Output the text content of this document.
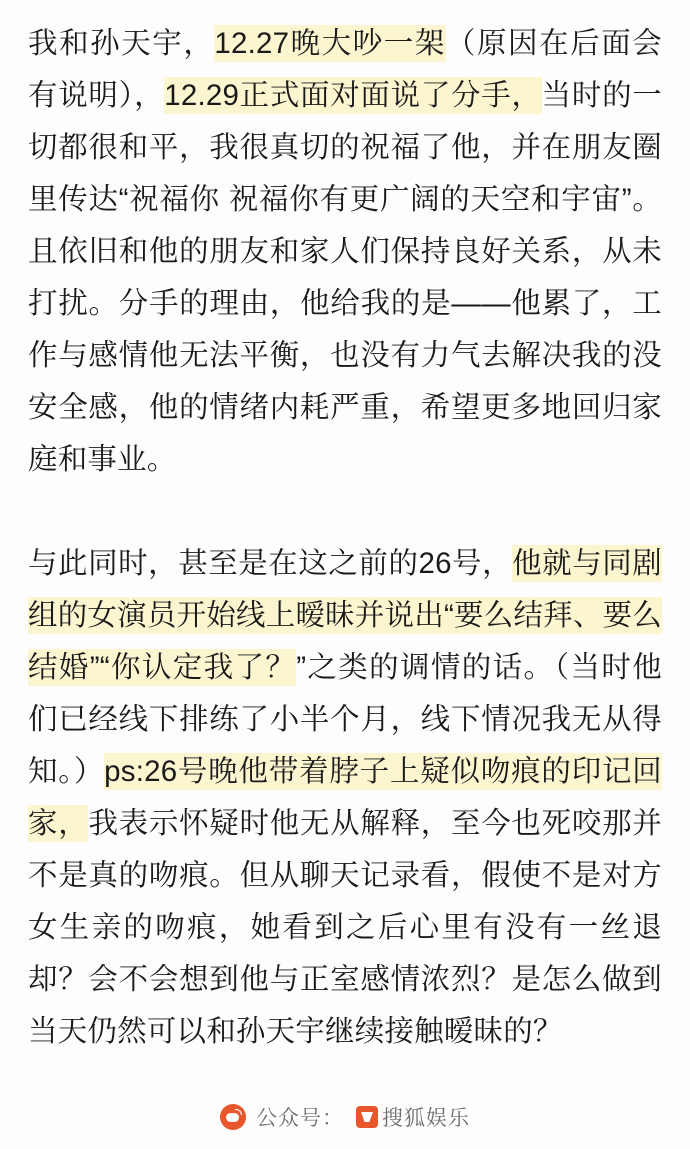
我和孙天宇，12.27晚大吵一架（原因在后面会有说明），12.29正式面对面说了分手，当时的一切都很和平，我很真切的祝福了他，并在朋友圈里传达“祝福你 祝福你有更广阔的天空和宇宙”。且依旧和他的朋友和家人们保持良好关系，从未打扰。分手的理由，他给我的是——他累了，工作与感情他无法平衡，也没有力气去解决我的没安全感，他的情绪内耗严重，希望更多地回归家庭和事业。
与此同时，甚至是在这之前的26号，他就与同剧组的女演员开始线上暧昧并说出“要么结拜、要么结婚”“你认定我了？”之类的调情的话。（当时他们已经线下排练了小半个月，线下情况我无从得知。）ps:26号晚他带着脖子上疑似吻痕的印记回家，我表示怀疑时他无从解释，至今也死咬那并不是真的吻痕。但从聊天记录看，假使不是对方女生亲的吻痕，她看到之后心里有没有一丝退却？会不会想到他与正室感情浓烈？是怎么做到当天仍然可以和孙天宇继续接触暧昧的？
公众号： 搜狐娱乐
